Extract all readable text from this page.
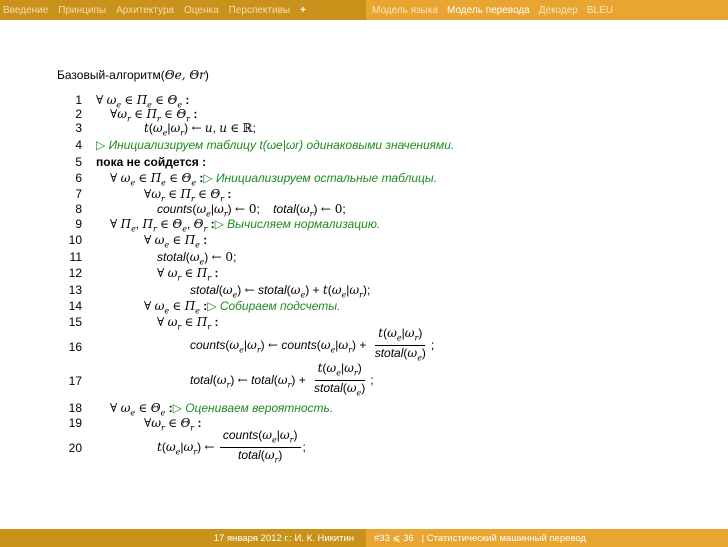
Введение Принципы Архитектура Оценка Перспективы +	Модель языка Модель перевода Декодер BLEU
Базовый-алгоритм(Θe, Θr)
1
2
3
4
5
6
7
8
9
10
11
12
13
14
15
16
17
18
19
20
∀ $\omega_e$ ∈ $\Pi_e$ ∈ $\Theta_e$ :
$\forall\omega_r$ ∈ $\Pi_r$ ∈ $\Theta_r$ :
$t(\omega_e|\omega_r)$ ← u, u ∈ ℝ;
▷ Инициализируем таблицу t(ωe|ωr) одинаковыми значениями.
пока не сойдется :
∀ $\omega_e$ ∈ $\Pi_e$ ∈ $\Theta_e$ :▷ Инициализируем остальные таблицы.
$\forall\omega_r$ ∈ $\Pi_r$ ∈ $\Theta_r$ :
$counts(\omega_e|\omega_r)$ ← 0;    $total(\omega_r)$ ← 0;
∀ $\Pi_e$, $\Pi_r$ ∈ $\Theta_e$, $\Theta_r$ :▷ Вычисляем нормализацию.
∀ $\omega_e$ ∈ $\Pi_e$ :
$stotal(\omega_e)$ ← 0;
∀ $\omega_r$ ∈ $\Pi_r$ :
$stotal(\omega_e)$ ← $stotal(\omega_e) + t(\omega_e|\omega_r)$;
∀ $\omega_e$ ∈ $\Pi_e$ :▷ Собираем подсчеты.
∀ $\omega_r$ ∈ $\Pi_r$ :
$counts(\omega_e|\omega_r)$ ← $counts(\omega_e|\omega_r) + \frac{t(\omega_e|\omega_r)}{stotal(\omega_e)}$ ;
$total(\omega_r)$ ← $total(\omega_r) + \frac{t(\omega_e|\omega_r)}{stotal(\omega_e)}$ ;
∀ $\omega_e$ ∈ $\Theta_e$ :▷ Оцениваем вероятность.
$\forall\omega_r$ ∈ $\Theta_r$ :
$t(\omega_e|\omega_r)$ ← $\frac{counts(\omega_e|\omega_r)}{total(\omega_r)}$ ;
17 января 2012 г.: И. К. Никитин	#33 ⩽ 36 | Статистический машинный перевод
